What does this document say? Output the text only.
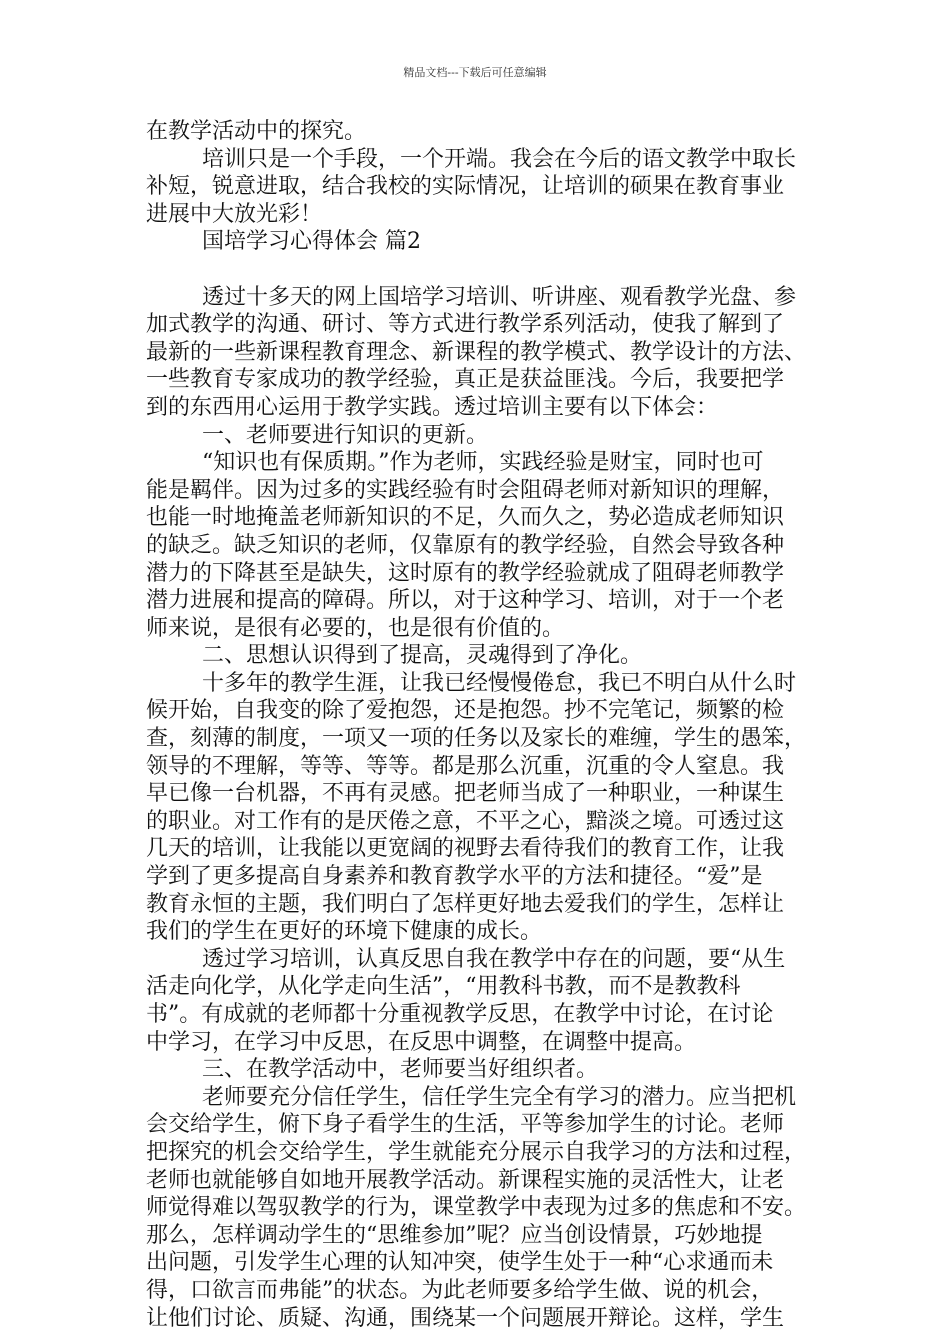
精品文档---下载后可任意编辑
在教学活动中的探究。
培训只是一个手段，一个开端。我会在今后的语文教学中取长
补短，锐意进取，结合我校的实际情况，让培训的硕果在教育事业
进展中大放光彩！
国培学习心得体会 篇2
透过十多天的网上国培学习培训、听讲座、观看教学光盘、参
加式教学的沟通、研讨、等方式进行教学系列活动，使我了解到了
最新的一些新课程教育理念、新课程的教学模式、教学设计的方法、
一些教育专家成功的教学经验，真正是获益匪浅。今后，我要把学
到的东西用心运用于教学实践。透过培训主要有以下体会：
一、老师要进行知识的更新。
“知识也有保质期。”作为老师，实践经验是财宝，同时也可
能是羁伴。因为过多的实践经验有时会阻碍老师对新知识的理解，
也能一时地掩盖老师新知识的不足，久而久之，势必造成老师知识
的缺乏。缺乏知识的老师，仅靠原有的教学经验，自然会导致各种
潜力的下降甚至是缺失，这时原有的教学经验就成了阻碍老师教学
潜力进展和提高的障碍。所以，对于这种学习、培训，对于一个老
师来说，是很有必要的，也是很有价值的。
二、思想认识得到了提高，灵魂得到了净化。
十多年的教学生涯，让我已经慢慢倦怠，我已不明白从什么时
候开始，自我变的除了爱抱怨，还是抱怨。抄不完笔记，频繁的检
查，刻薄的制度，一项又一项的任务以及家长的难缠，学生的愚笨，
领导的不理解，等等、等等。都是那么沉重，沉重的令人窒息。我
早已像一台机器，不再有灵感。把老师当成了一种职业，一种谋生
的职业。对工作有的是厌倦之意，不平之心，黯淡之境。可透过这
几天的培训，让我能以更宽阔的视野去看待我们的教育工作，让我
学到了更多提高自身素养和教育教学水平的方法和捷径。“爱”是
教育永恒的主题，我们明白了怎样更好地去爱我们的学生，怎样让
我们的学生在更好的环境下健康的成长。
透过学习培训，认真反思自我在教学中存在的问题，要“从生
活走向化学，从化学走向生活”，“用教科书教，而不是教教科
书”。有成就的老师都十分重视教学反思，在教学中讨论，在讨论
中学习，在学习中反思，在反思中调整，在调整中提高。
三、在教学活动中，老师要当好组织者。
老师要充分信任学生，信任学生完全有学习的潜力。应当把机
会交给学生，俯下身子看学生的生活，平等参加学生的讨论。老师
把探究的机会交给学生，学生就能充分展示自我学习的方法和过程，
老师也就能够自如地开展教学活动。新课程实施的灵活性大，让老
师觉得难以驾驭教学的行为，课堂教学中表现为过多的焦虑和不安。
那么，怎样调动学生的“思维参加”呢？应当创设情景，巧妙地提
出问题，引发学生心理的认知冲突，使学生处于一种“心求通而未
得，口欲言而弗能”的状态。为此老师要多给学生做、说的机会，
让他们讨论、质疑、沟通，围绕某一个问题展开辩论。这样，学生
